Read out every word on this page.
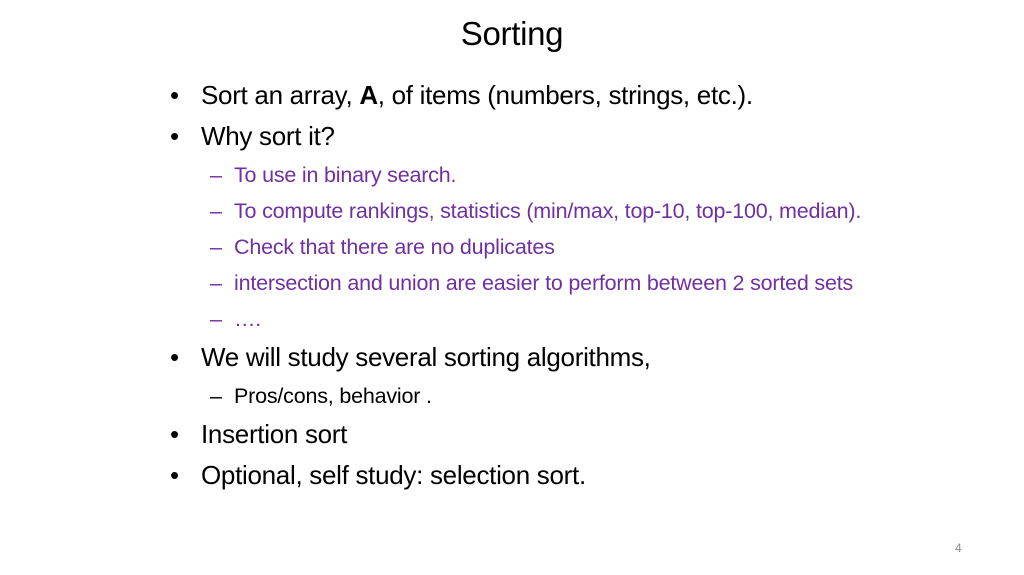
Sorting
• Sort an array, A, of items (numbers, strings, etc.).
• Why sort it?
– To use in binary search.
– To compute rankings, statistics (min/max, top-10, top-100, median).
– Check that there are no duplicates
– intersection and union are easier to perform between 2 sorted sets
– ….
• We will study several sorting algorithms,
– Pros/cons, behavior .
• Insertion sort
• Optional, self study: selection sort.
4
